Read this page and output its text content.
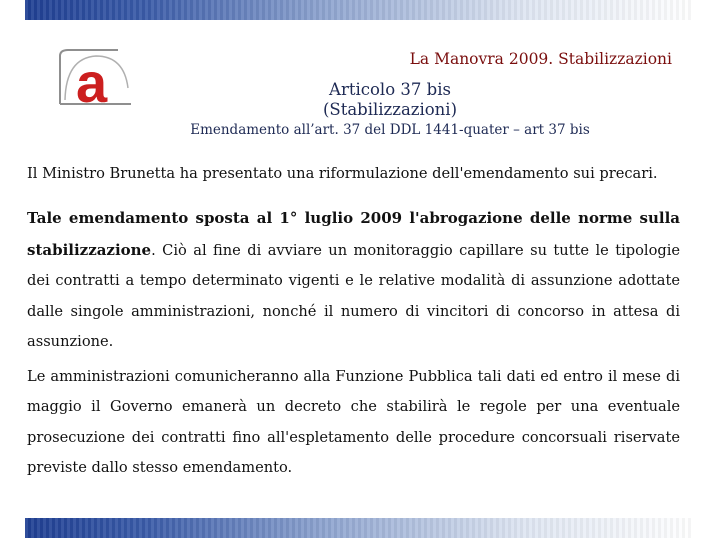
a	La Manovra 2009. Stabilizzazioni
Articolo 37 bis
(Stabilizzazioni)
Emendamento all’art. 37 del DDL 1441-quater – art 37 bis

Il Ministro Brunetta ha presentato una riformulazione dell'emendamento sui precari.

Tale emendamento sposta al 1° luglio 2009 l'abrogazione delle norme sulla stabilizzazione. Ciò al fine di avviare un monitoraggio capillare su tutte le tipologie dei contratti a tempo determinato vigenti e le relative modalità di assunzione adottate dalle singole amministrazioni, nonché il numero di vincitori di concorso in attesa di assunzione.

Le amministrazioni comunicheranno alla Funzione Pubblica tali dati ed entro il mese di maggio il Governo emanerà un decreto che stabilirà le regole per una eventuale prosecuzione dei contratti fino all'espletamento delle procedure concorsuali riservate previste dallo stesso emendamento.
